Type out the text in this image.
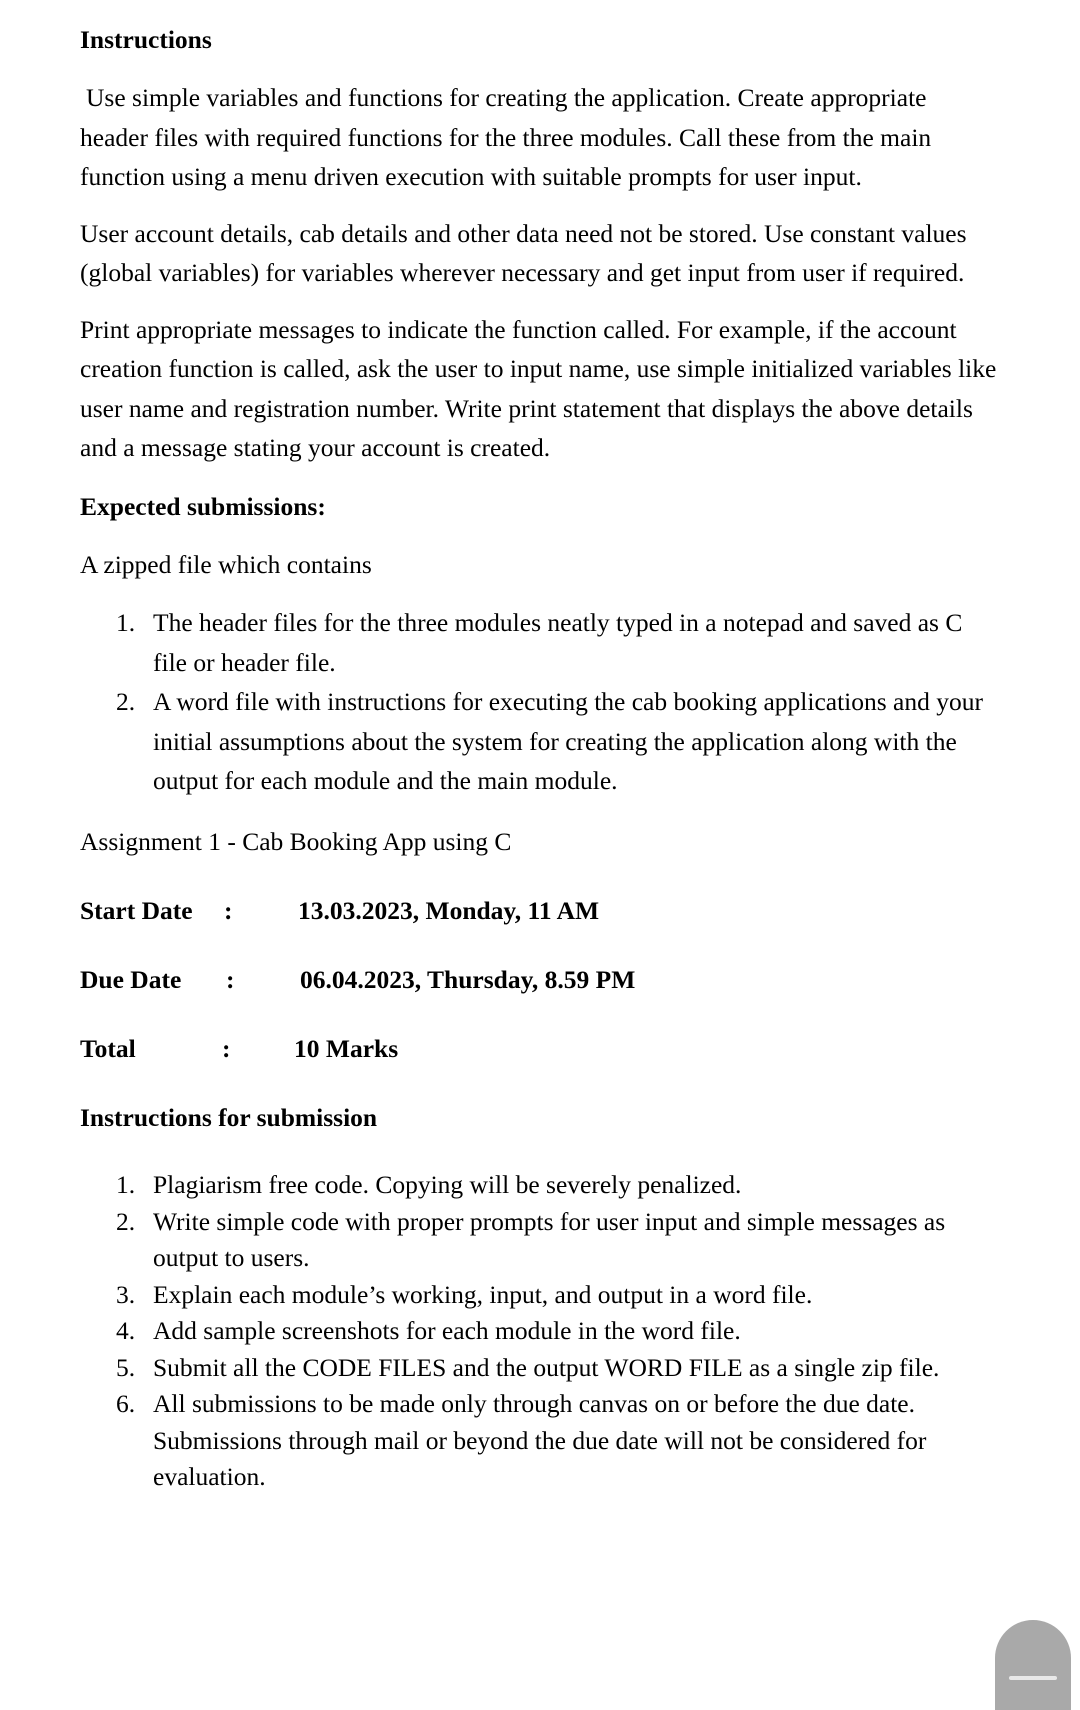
Instructions

Use simple variables and functions for creating the application. Create appropriate header files with required functions for the three modules. Call these from the main function using a menu driven execution with suitable prompts for user input.

User account details, cab details and other data need not be stored. Use constant values (global variables) for variables wherever necessary and get input from user if required.

Print appropriate messages to indicate the function called. For example, if the account creation function is called, ask the user to input name, use simple initialized variables like user name and registration number. Write print statement that displays the above details and a message stating your account is created.

Expected submissions:

A zipped file which contains

1. The header files for the three modules neatly typed in a notepad and saved as C file or header file.
2. A word file with instructions for executing the cab booking applications and your initial assumptions about the system for creating the application along with the output for each module and the main module.

Assignment 1 - Cab Booking App using C

Start Date :	13.03.2023, Monday, 11 AM
Due Date :	06.04.2023, Thursday, 8.59 PM
Total	: 10 Marks
Instructions for submission
1. Plagiarism free code. Copying will be severely penalized.
2. Write simple code with proper prompts for user input and simple messages as output to users.
3. Explain each module’s working, input, and output in a word file.
4. Add sample screenshots for each module in the word file.
5. Submit all the CODE FILES and the output WORD FILE as a single zip file.
6. All submissions to be made only through canvas on or before the due date. Submissions through mail or beyond the due date will not be considered for evaluation.
